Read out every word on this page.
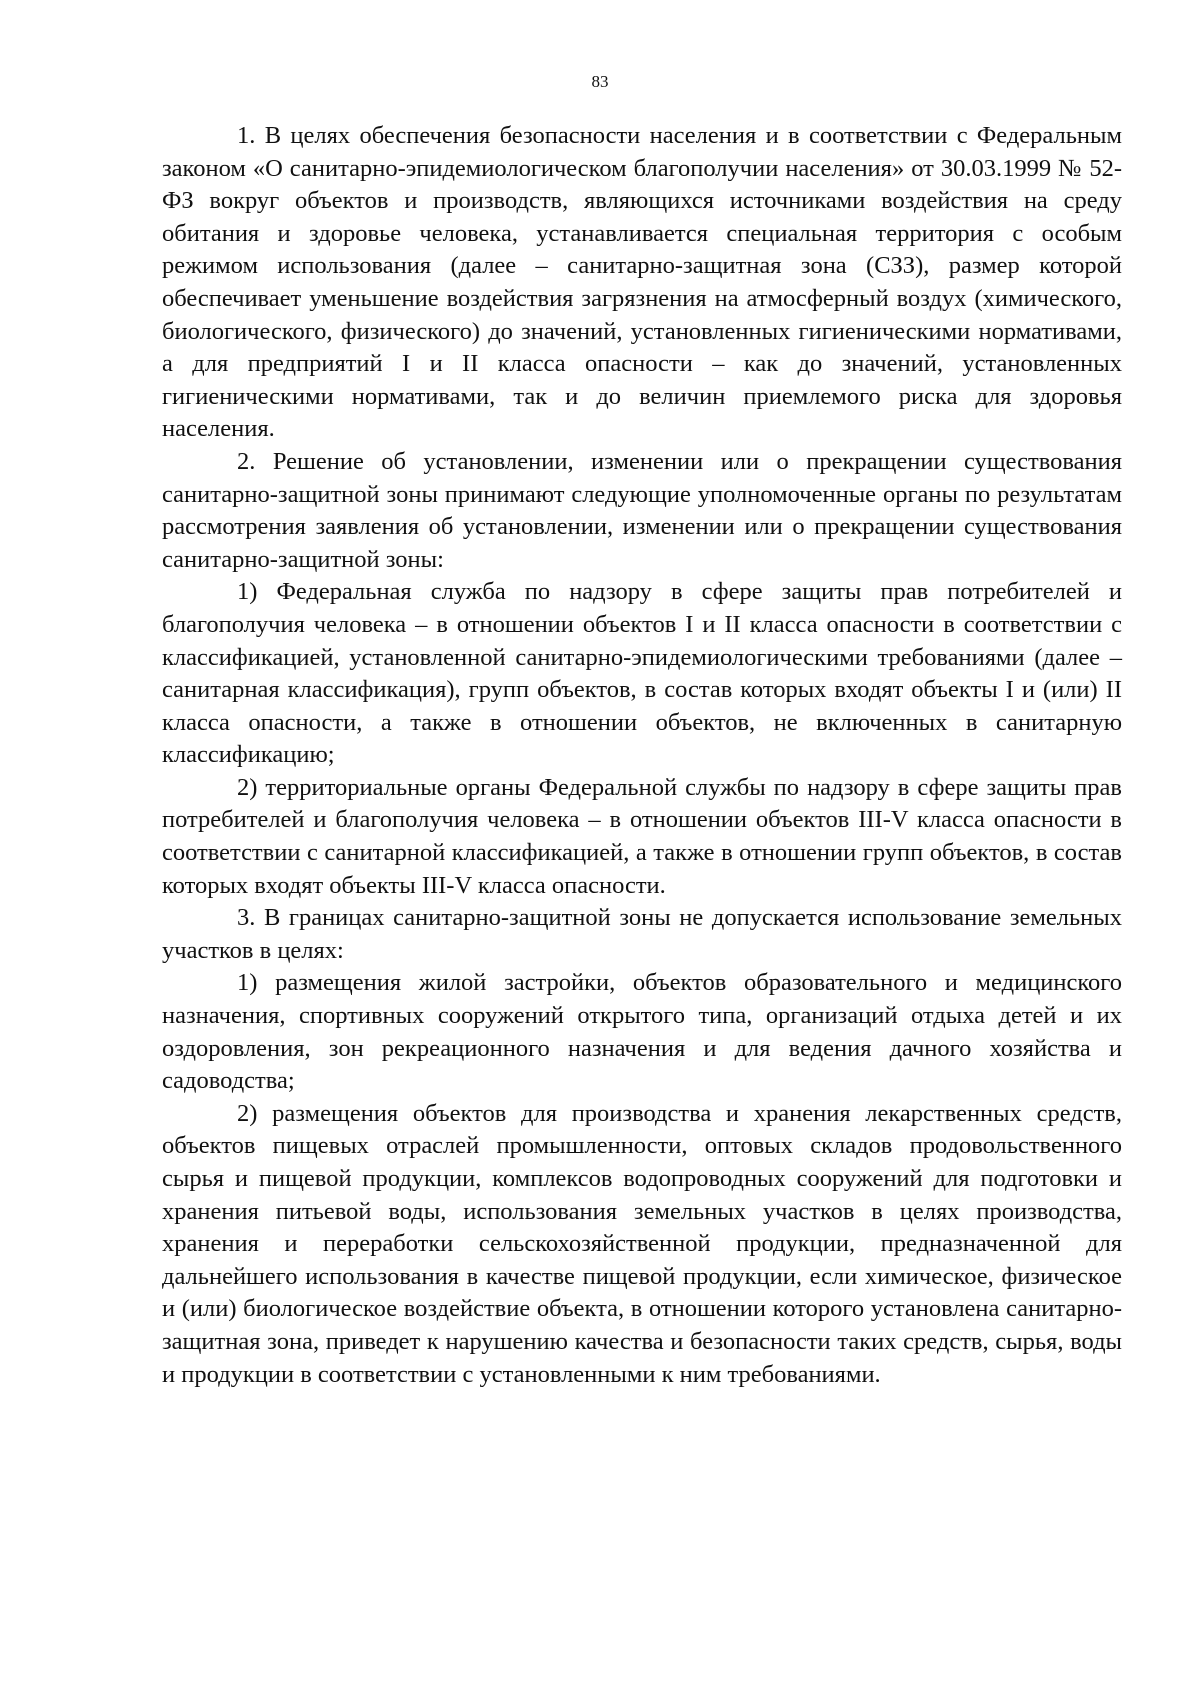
83

1. В целях обеспечения безопасности населения и в соответствии с Федеральным законом «О санитарно-эпидемиологическом благополучии населения» от 30.03.1999 № 52-ФЗ вокруг объектов и производств, являющихся источниками воздействия на среду обитания и здоровье человека, устанавливается специальная территория с особым режимом использования (далее – санитарно-защитная зона (СЗЗ), размер которой обеспечивает уменьшение воздействия загрязнения на атмосферный воздух (химического, биологического, физического) до значений, установленных гигиеническими нормативами, а для предприятий I и II класса опасности – как до значений, установленных гигиеническими нормативами, так и до величин приемлемого риска для здоровья населения.

2. Решение об установлении, изменении или о прекращении существования санитарно-защитной зоны принимают следующие уполномоченные органы по результатам рассмотрения заявления об установлении, изменении или о прекращении существования санитарно-защитной зоны:

1) Федеральная служба по надзору в сфере защиты прав потребителей и благополучия человека – в отношении объектов I и II класса опасности в соответствии с классификацией, установленной санитарно-эпидемиологическими требованиями (далее – санитарная классификация), групп объектов, в состав которых входят объекты I и (или) II класса опасности, а также в отношении объектов, не включенных в санитарную классификацию;

2) территориальные органы Федеральной службы по надзору в сфере защиты прав потребителей и благополучия человека – в отношении объектов III-V класса опасности в соответствии с санитарной классификацией, а также в отношении групп объектов, в состав которых входят объекты III-V класса опасности.

3. В границах санитарно-защитной зоны не допускается использование земельных участков в целях:

1) размещения жилой застройки, объектов образовательного и медицинского назначения, спортивных сооружений открытого типа, организаций отдыха детей и их оздоровления, зон рекреационного назначения и для ведения дачного хозяйства и садоводства;

2) размещения объектов для производства и хранения лекарственных средств, объектов пищевых отраслей промышленности, оптовых складов продовольственного сырья и пищевой продукции, комплексов водопроводных сооружений для подготовки и хранения питьевой воды, использования земельных участков в целях производства, хранения и переработки сельскохозяйственной продукции, предназначенной для дальнейшего использования в качестве пищевой продукции, если химическое, физическое и (или) биологическое воздействие объекта, в отношении которого установлена санитарно-защитная зона, приведет к нарушению качества и безопасности таких средств, сырья, воды и продукции в соответствии с установленными к ним требованиями.
